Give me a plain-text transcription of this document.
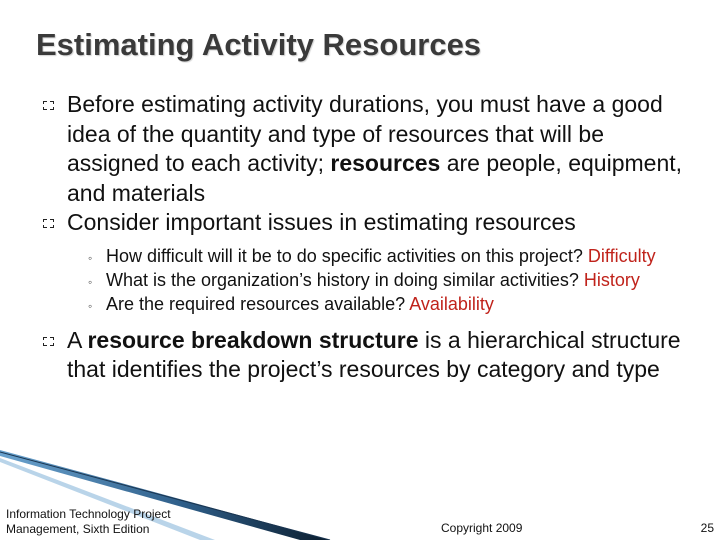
Estimating Activity Resources
Before estimating activity durations, you must have a good idea of the quantity and type of resources that will be assigned to each activity; resources are people, equipment, and materials
Consider important issues in estimating resources
◦ How difficult will it be to do specific activities on this project? Difficulty
◦ What is the organization’s history in doing similar activities? History
◦ Are the required resources available? Availability
A resource breakdown structure is a hierarchical structure that identifies the project’s resources by category and type
Information Technology Project Management, Sixth Edition	Copyright 2009	25
